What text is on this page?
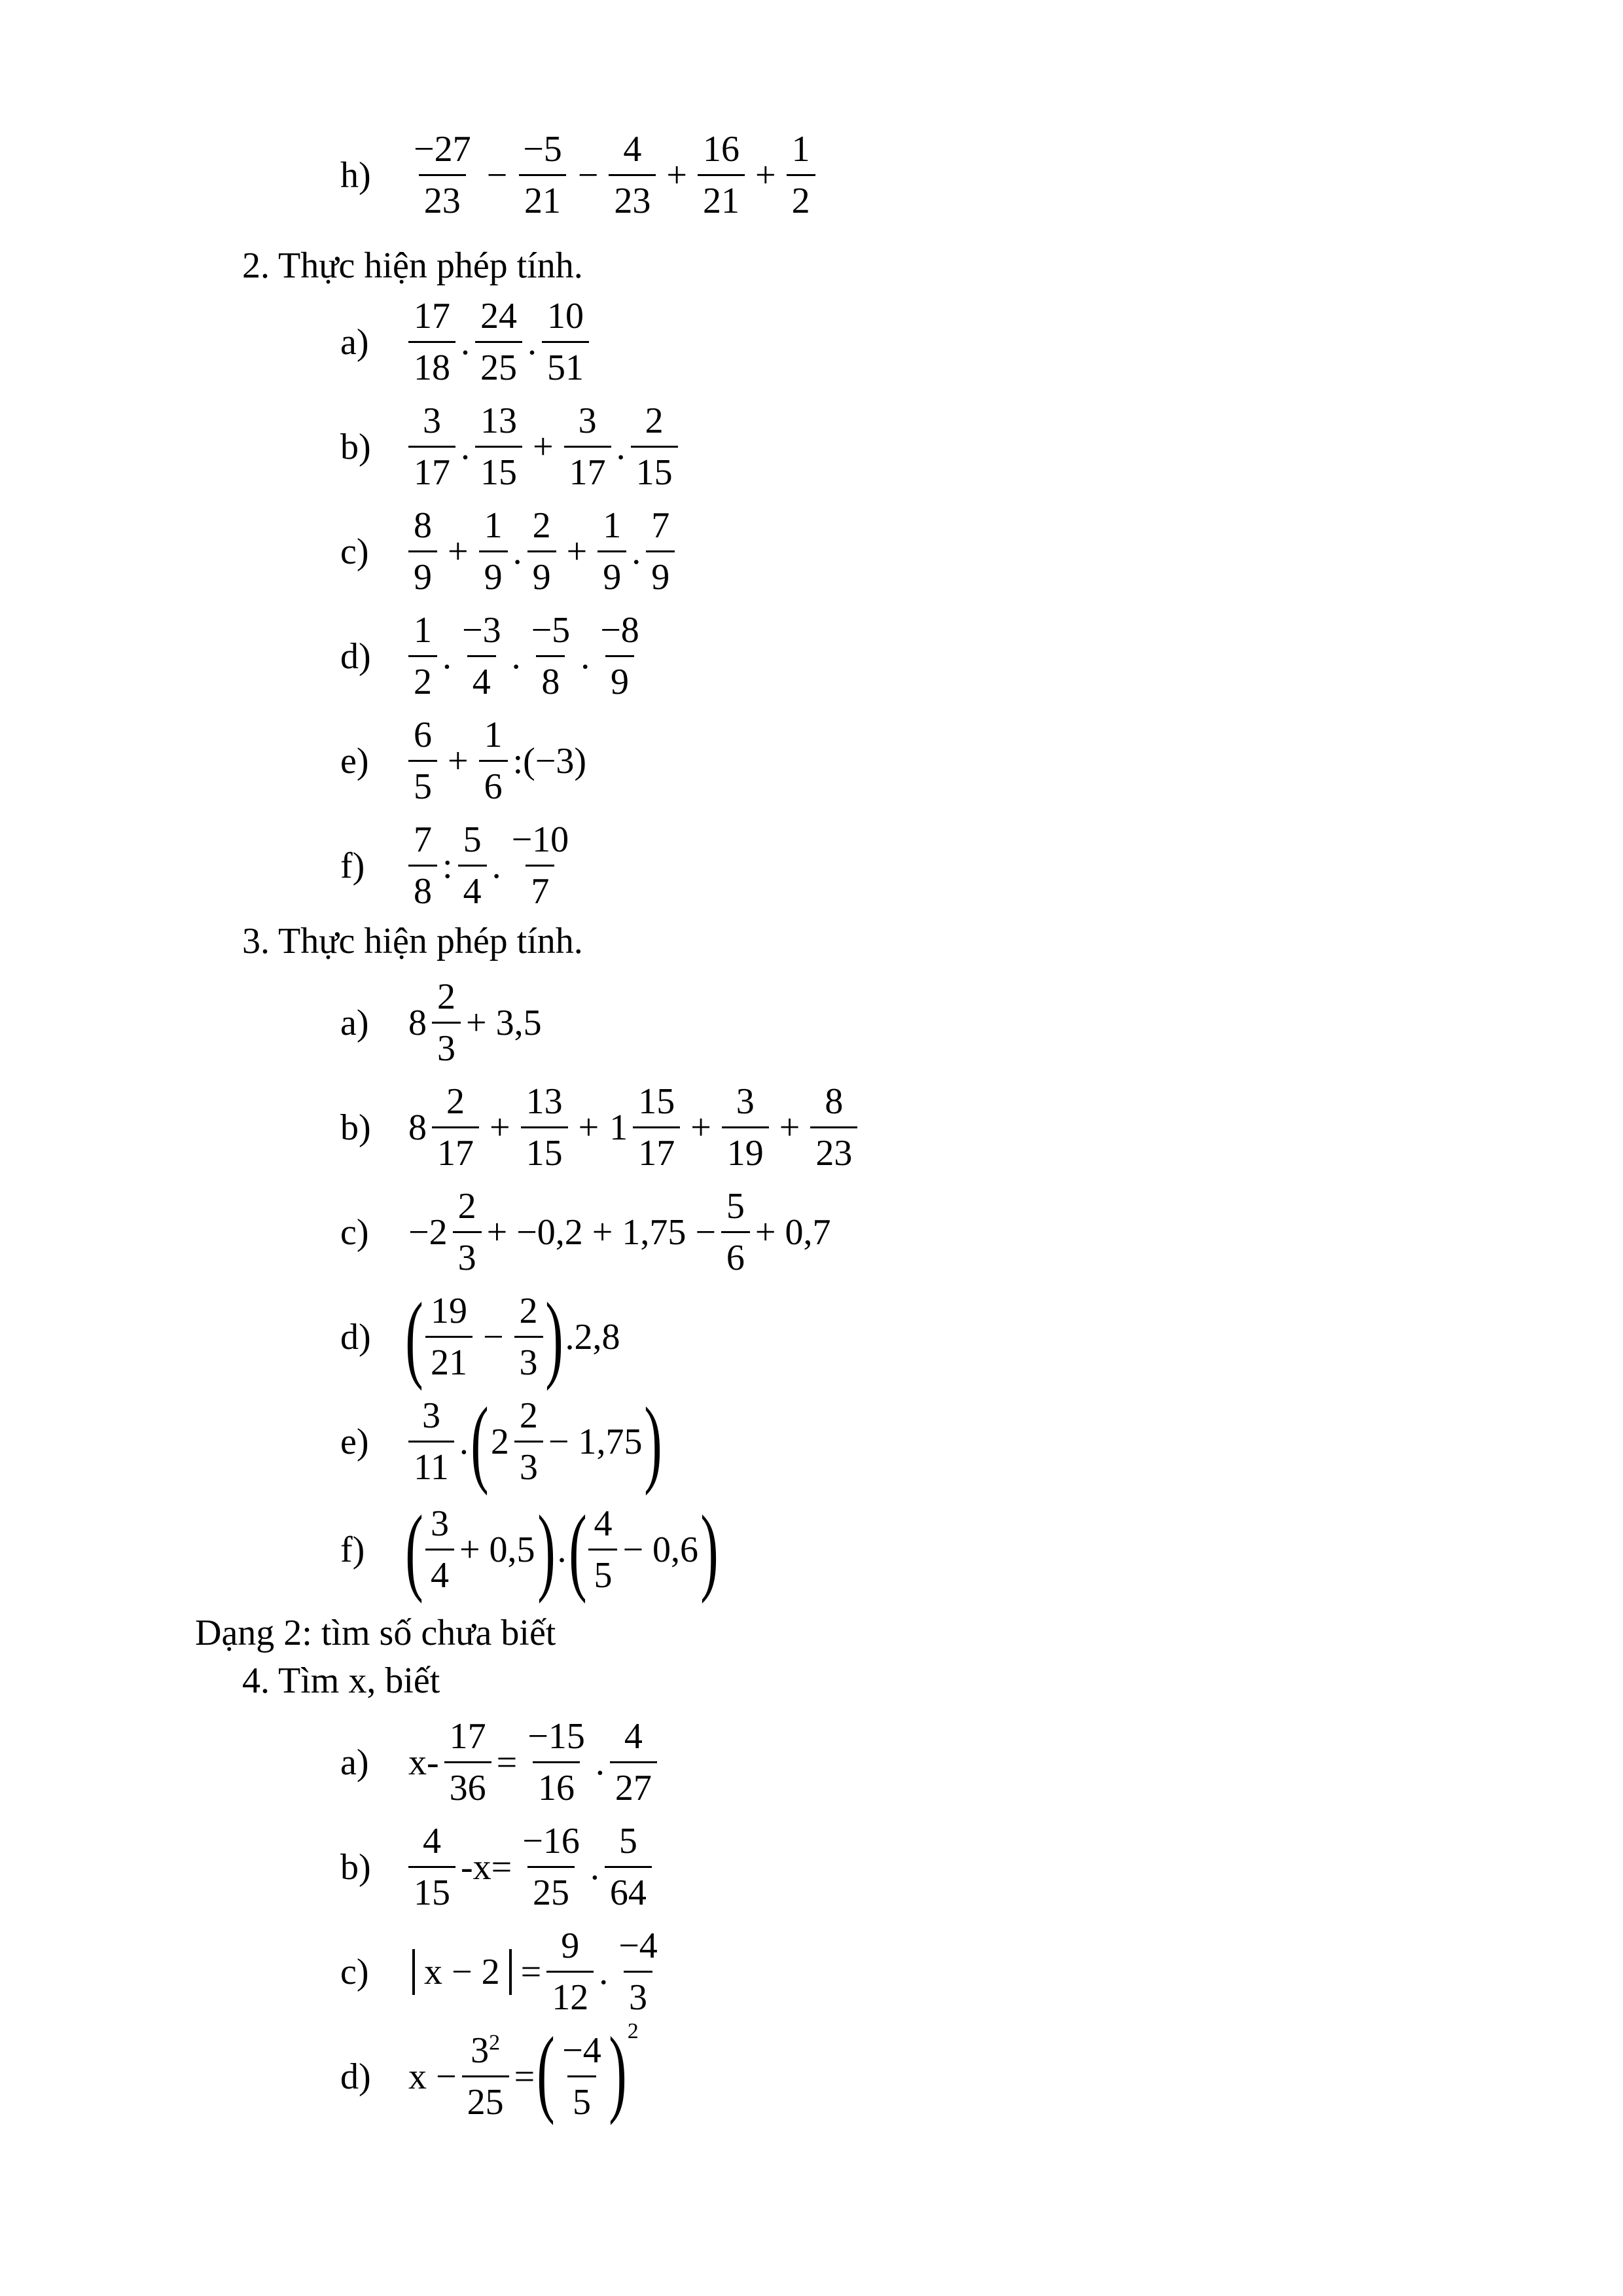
h)	$\frac{-27}{23} - \frac{-5}{21} - \frac{4}{23} + \frac{16}{21} + \frac{1}{2}$
2. Thực hiện phép tính.
a)	$\frac{17}{18}$ . $\frac{24}{25}$ . $\frac{10}{51}$
b)	$\frac{3}{17}$ . $\frac{13}{15} + \frac{3}{17}$ . $\frac{2}{15}$
c)	$\frac{8}{9} + \frac{1}{9}$ . $\frac{2}{9} + \frac{1}{9}$ . $\frac{7}{9}$
d)	$\frac{1}{2}$ . $\frac{-3}{4}$ . $\frac{-5}{8}$ . $\frac{-8}{9}$
e)	$\frac{6}{5} + \frac{1}{6}$ :(−3)
f)	$\frac{7}{8}$ : $\frac{5}{4}$ . $\frac{-10}{7}$
3. Thực hiện phép tính.
a)	$8 \frac{2}{3} + 3,5$
b)	$8 \frac{2}{17} + \frac{13}{15} + 1 \frac{15}{17} + \frac{3}{19} + \frac{8}{23}$
c)	$-2 \frac{2}{3} + -0,2 + 1,75 - \frac{5}{6} + 0,7$
d) ( $\frac{19}{21} - \frac{2}{3}$ ) .2,8
e)	$\frac{3}{11}$ . ( $2 \frac{2}{3} - 1,75$ )
f) ( $\frac{3}{4} + 0,5$ ) . ( $\frac{4}{5} - 0,6$ )
Dạng 2: tìm số chưa biết
4. Tìm x, biết
a)	$x- \frac{17}{36} = \frac{-15}{16}$ . $\frac{4}{27}$
b)	$\frac{4}{15} -x= \frac{-16}{25}$ . $\frac{5}{64}$
c)	$x - 2 = \frac{9}{12}$ . $\frac{-4}{3}$
d)	$x - \frac{3^2}{25}$ = ( $\frac{-4}{5}$ ) 2
